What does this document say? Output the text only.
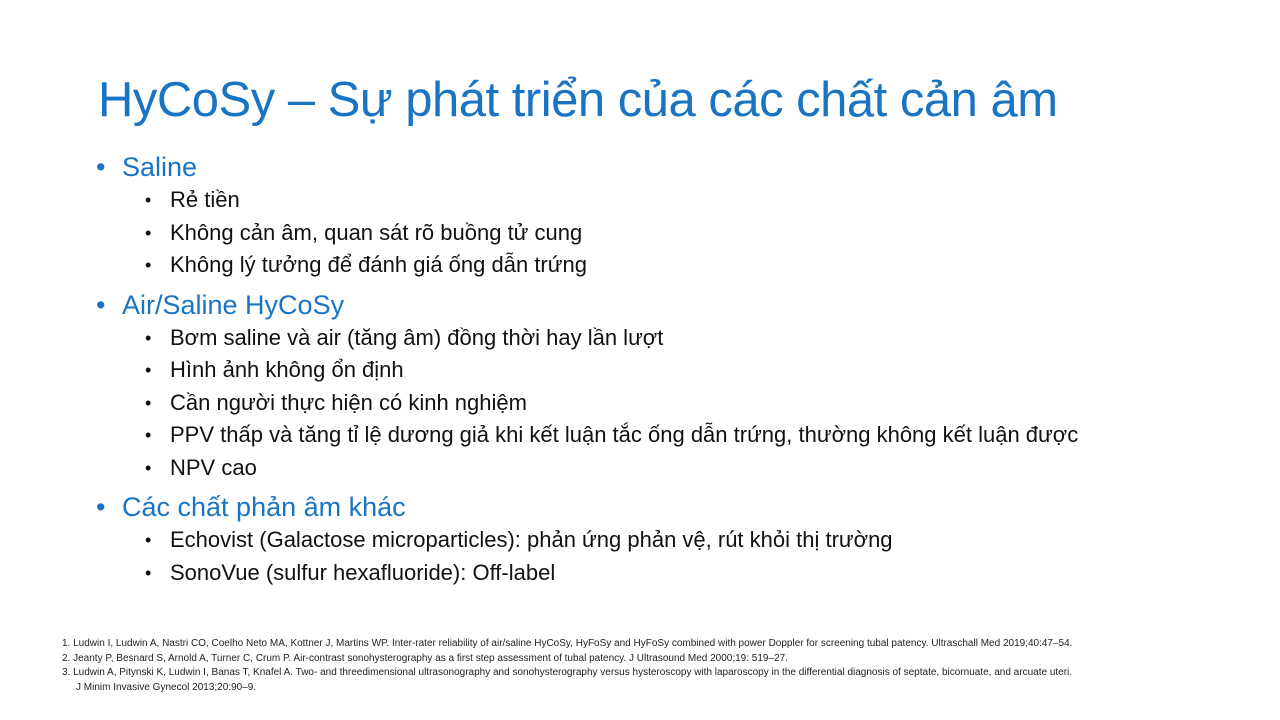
HyCoSy – Sự phát triển của các chất cản âm
• Saline
• Rẻ tiền
• Không cản âm, quan sát rõ buồng tử cung
• Không lý tưởng để đánh giá ống dẫn trứng
• Air/Saline HyCoSy
• Bơm saline và air (tăng âm) đồng thời hay lần lượt
• Hình ảnh không ổn định
• Cần người thực hiện có kinh nghiệm
• PPV thấp và tăng tỉ lệ dương giả khi kết luận tắc ống dẫn trứng, thường không kết luận được
• NPV cao
• Các chất phản âm khác
• Echovist (Galactose microparticles): phản ứng phản vệ, rút khỏi thị trường
• SonoVue (sulfur hexafluoride): Off-label
1. Ludwin I, Ludwin A, Nastri CO, Coelho Neto MA, Kottner J, Martins WP. Inter-rater reliability of air/saline HyCoSy, HyFoSy and HyFoSy combined with power Doppler for screening tubal patency. Ultraschall Med 2019;40:47–54.
2. Jeanty P, Besnard S, Arnold A, Turner C, Crum P. Air-contrast sonohysterography as a first step assessment of tubal patency. J Ultrasound Med 2000;19: 519–27.
3. Ludwin A, Pitynski K, Ludwin I, Banas T, Knafel A. Two- and threedimensional ultrasonography and sonohysterography versus hysteroscopy with laparoscopy in the differential diagnosis of septate, bicornuate, and arcuate uteri.
J Minim Invasive Gynecol 2013;20:90–9.
